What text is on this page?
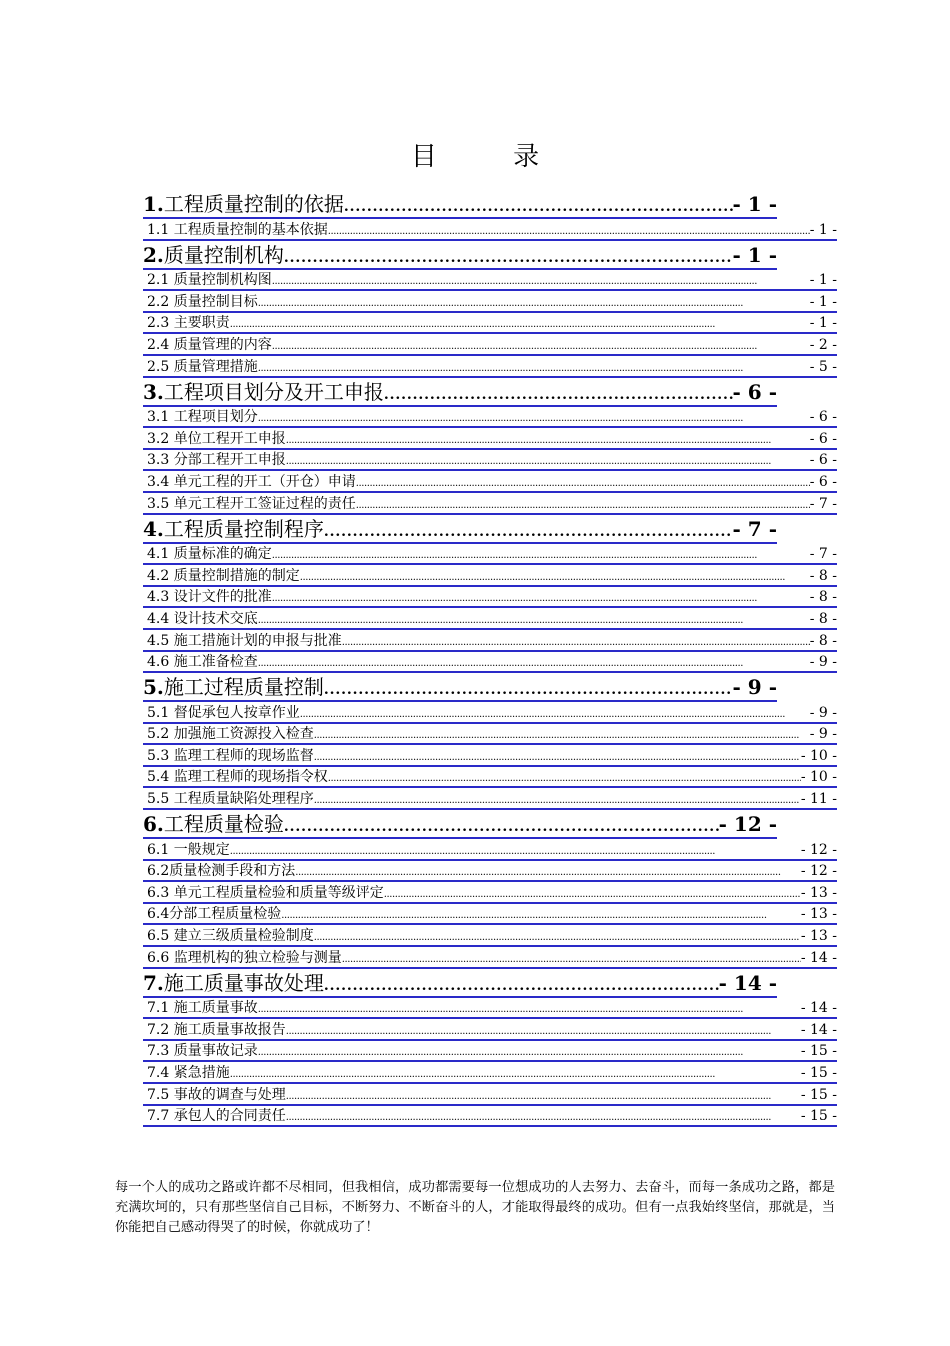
目 录
1.工程质量控制的依据 . . .	- 1 -
1.1 工程质量控制的基本依据 . . .	- 1 -
2.质量控制机构 . . .	- 1 -
2.1 质量控制机构图 . . .	- 1 -
2.2 质量控制目标 . . .	- 1 -
2.3 主要职责 . . .	- 1 -
2.4 质量管理的内容 . . .	- 2 -
2.5 质量管理措施 . . .	- 5 -
3.工程项目划分及开工申报 . . .	- 6 -
3.1 工程项目划分 . . .	- 6 -
3.2 单位工程开工申报 . . .	- 6 -
3.3 分部工程开工申报 . . .	- 6 -
3.4 单元工程的开工（开仓）申请 . . .	- 6 -
3.5 单元工程开工签证过程的责任 . . .	- 7 -
4.工程质量控制程序 . . .	- 7 -
4.1 质量标准的确定 . . .	- 7 -
4.2 质量控制措施的制定 . . .	- 8 -
4.3 设计文件的批准 . . .	- 8 -
4.4 设计技术交底 . . .	- 8 -
4.5 施工措施计划的申报与批准 . . .	- 8 -
4.6 施工准备检查 . . .	- 9 -
5.施工过程质量控制 . . .	- 9 -
5.1 督促承包人按章作业 . . .	- 9 -
5.2 加强施工资源投入检查 . . .	- 9 -
5.3 监理工程师的现场监督 . . .	- 10 -
5.4 监理工程师的现场指令权 . . .	- 10 -
5.5 工程质量缺陷处理程序 . . .	- 11 -
6.工程质量检验 . . .	- 12 -
6.1 一般规定 . . .	- 12 -
6.2质量检测手段和方法 . . .	- 12 -
6.3 单元工程质量检验和质量等级评定 . . .	- 13 -
6.4分部工程质量检验 . . .	- 13 -
6.5 建立三级质量检验制度 . . .	- 13 -
6.6 监理机构的独立检验与测量 . . .	- 14 -
7.施工质量事故处理 . . .	- 14 -
7.1 施工质量事故 . . .	- 14 -
7.2 施工质量事故报告 . . .	- 14 -
7.3 质量事故记录 . . .	- 15 -
7.4 紧急措施 . . .	- 15 -
7.5 事故的调查与处理 . . .	- 15 -
7.7 承包人的合同责任 . . .	- 15 -
每一个人的成功之路或许都不尽相同，但我相信，成功都需要每一位想成功的人去努力、去奋斗，而每一条成功之路，都是充满坎坷的，只有那些坚信自己目标，不断努力、不断奋斗的人，才能取得最终的成功。但有一点我始终坚信，那就是，当你能把自己感动得哭了的时候，你就成功了！
